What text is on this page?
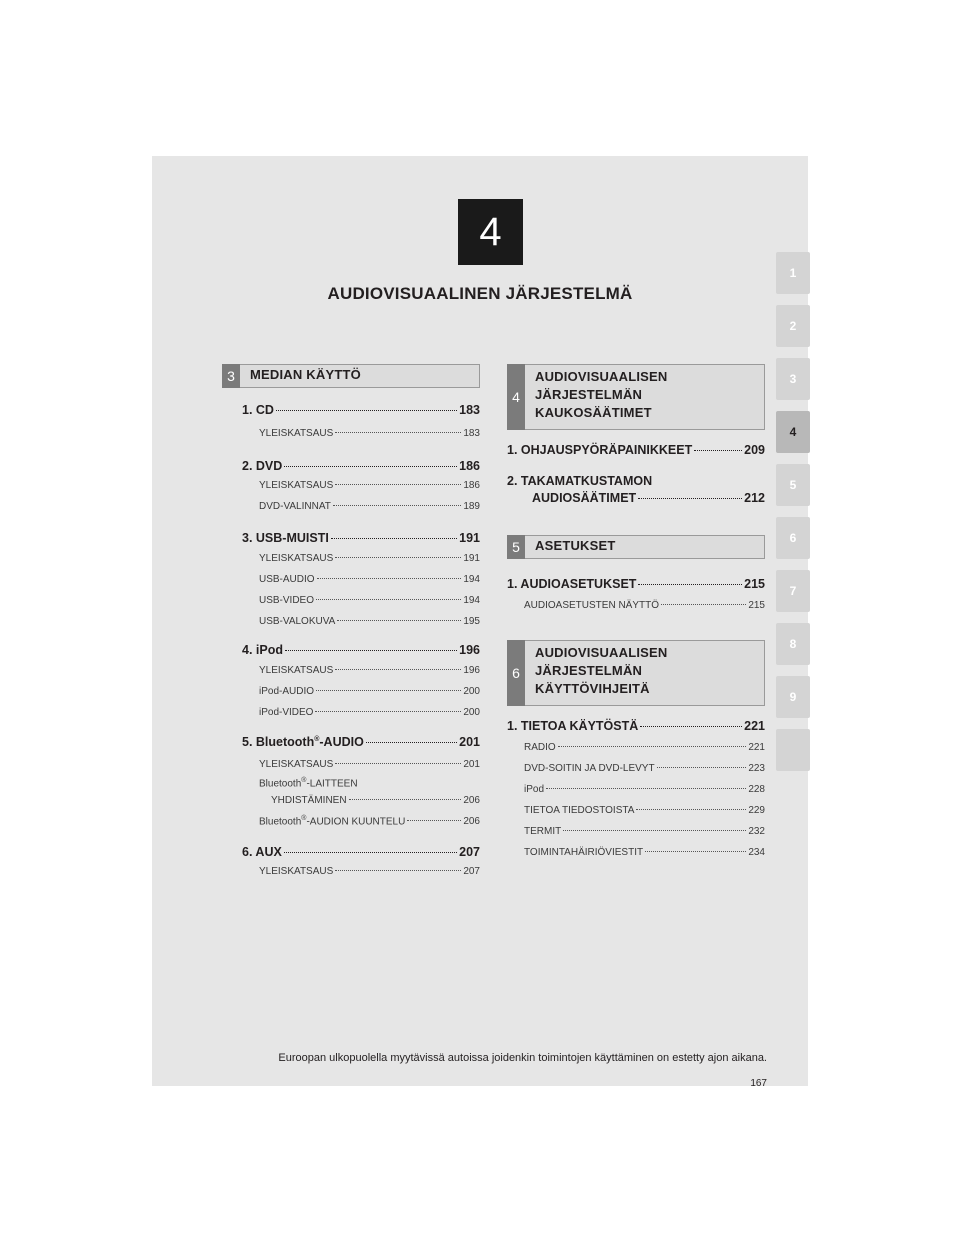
4
AUDIOVISUAALINEN JÄRJESTELMÄ
1
2
3
4
5
6
7
8
9
3	MEDIAN KÄYTTÖ
1. CD	183
YLEISKATSAUS	183
2. DVD	186
YLEISKATSAUS	186
DVD-VALINNAT	189
3. USB-MUISTI	191
YLEISKATSAUS	191
USB-AUDIO	194
USB-VIDEO	194
USB-VALOKUVA	195
4. iPod	196
YLEISKATSAUS	196
iPod-AUDIO	200
iPod-VIDEO	200
5. Bluetooth®-AUDIO	201
YLEISKATSAUS	201
Bluetooth®-LAITTEEN
YHDISTÄMINEN	206
Bluetooth®-AUDION KUUNTELU	206
6. AUX	207
YLEISKATSAUS	207
4
AUDIOVISUAALISEN
JÄRJESTELMÄN
KAUKOSÄÄTIMET
1. OHJAUSPYÖRÄPAINIKKEET	209
2. TAKAMATKUSTAMON
AUDIOSÄÄTIMET	212
5	ASETUKSET
1. AUDIOASETUKSET	215
AUDIOASETUSTEN NÄYTTÖ	215
6
AUDIOVISUAALISEN
JÄRJESTELMÄN
KÄYTTÖVIHJEITÄ
1. TIETOA KÄYTÖSTÄ	221
RADIO	221
DVD-SOITIN JA DVD-LEVYT	223
iPod	228
TIETOA TIEDOSTOISTA	229
TERMIT	232
TOIMINTAHÄIRIÖVIESTIT	234
Euroopan ulkopuolella myytävissä autoissa joidenkin toimintojen käyttäminen on estetty ajon aikana.
167
